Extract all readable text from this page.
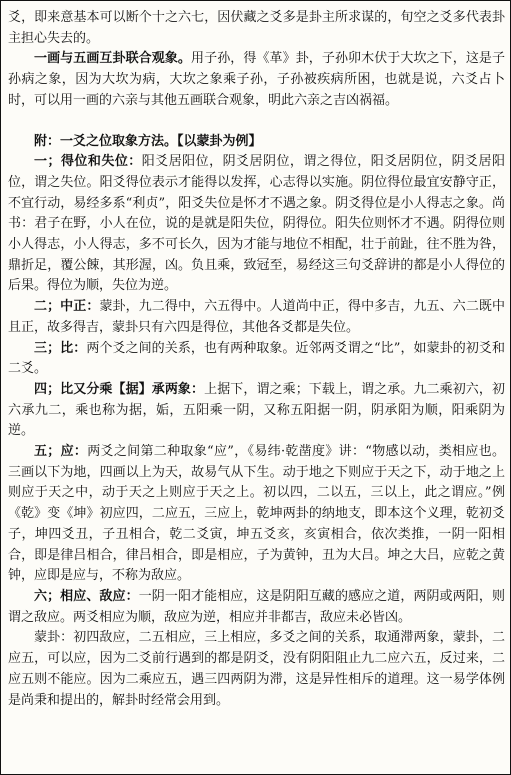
爻，即来意基本可以断个十之六七，因伏藏之爻多是卦主所求谋的，旬空之爻多代表卦主担心失去的。

一画与五画互卦联合观象。用子孙，得《革》卦，子孙卯木伏于大坎之下，这是子孙病之象，因为大坎为病，大坎之象乘子孙，子孙被疾病所困，也就是说，六爻占卜时，可以用一画的六亲与其他五画联合观象，明此六亲之吉凶祸福。

附：一爻之位取象方法。【以蒙卦为例】

一；得位和失位：阳爻居阳位，阴爻居阴位，谓之得位，阳爻居阴位，阴爻居阳位，谓之失位。阳爻得位表示才能得以发挥，心志得以实施。阴位得位最宜安静守正，不宜行动，易经多系“利贞”，阳爻失位是怀才不遇之象。阴爻得位是小人得志之象。尚书：君子在野，小人在位，说的是就是阳失位，阴得位。阳失位则怀才不遇。阴得位则小人得志，小人得志，多不可长久，因为才能与地位不相配，壮于前趾，往不胜为咎，鼎折足，覆公餗，其形渥，凶。负且乘，致冠至，易经这三句爻辞讲的都是小人得位的后果。得位为顺，失位为逆。

二；中正：蒙卦，九二得中，六五得中。人道尚中正，得中多吉，九五、六二既中且正，故多得吉，蒙卦只有六四是得位，其他各爻都是失位。

三；比：两个爻之间的关系，也有两种取象。近邻两爻谓之“比”，如蒙卦的初爻和二爻。

四；比又分乘【据】承两象：上据下，谓之乘；下载上，谓之承。九二乘初六，初六承九二，乘也称为据，姤，五阳乘一阴，又称五阳据一阴，阴承阳为顺，阳乘阴为逆。

五；应：两爻之间第二种取象“应”，《易纬·乾凿度》讲：“物感以动，类相应也。三画以下为地，四画以上为天，故易气从下生。动于地之下则应于天之下，动于地之上则应于天之中，动于天之上则应于天之上。初以四，二以五，三以上，此之谓应。”例《乾》变《坤》初应四，二应五，三应上，乾坤两卦的纳地支，即本这个义理，乾初爻子，坤四爻丑，子丑相合，乾二爻寅，坤五爻亥，亥寅相合，依次类推，一阴一阳相合，即是律吕相合，律吕相合，即是相应，子为黄钟，丑为大吕。坤之大吕，应乾之黄钟，应即是应与，不称为敌应。

六；相应、敌应：一阴一阳才能相应，这是阴阳互藏的感应之道，两阴或两阳，则谓之敌应。两爻相应为顺，敌应为逆，相应并非都吉，敌应未必皆凶。

蒙卦：初四敌应，二五相应，三上相应，多爻之间的关系，取通滞两象，蒙卦，二应五，可以应，因为二爻前行遇到的都是阴爻，没有阴阳阻止九二应六五，反过来，二应五则不能应。因为二乘应五，遇三四两阴为滞，这是异性相斥的道理。这一易学体例是尚秉和提出的，解卦时经常会用到。
